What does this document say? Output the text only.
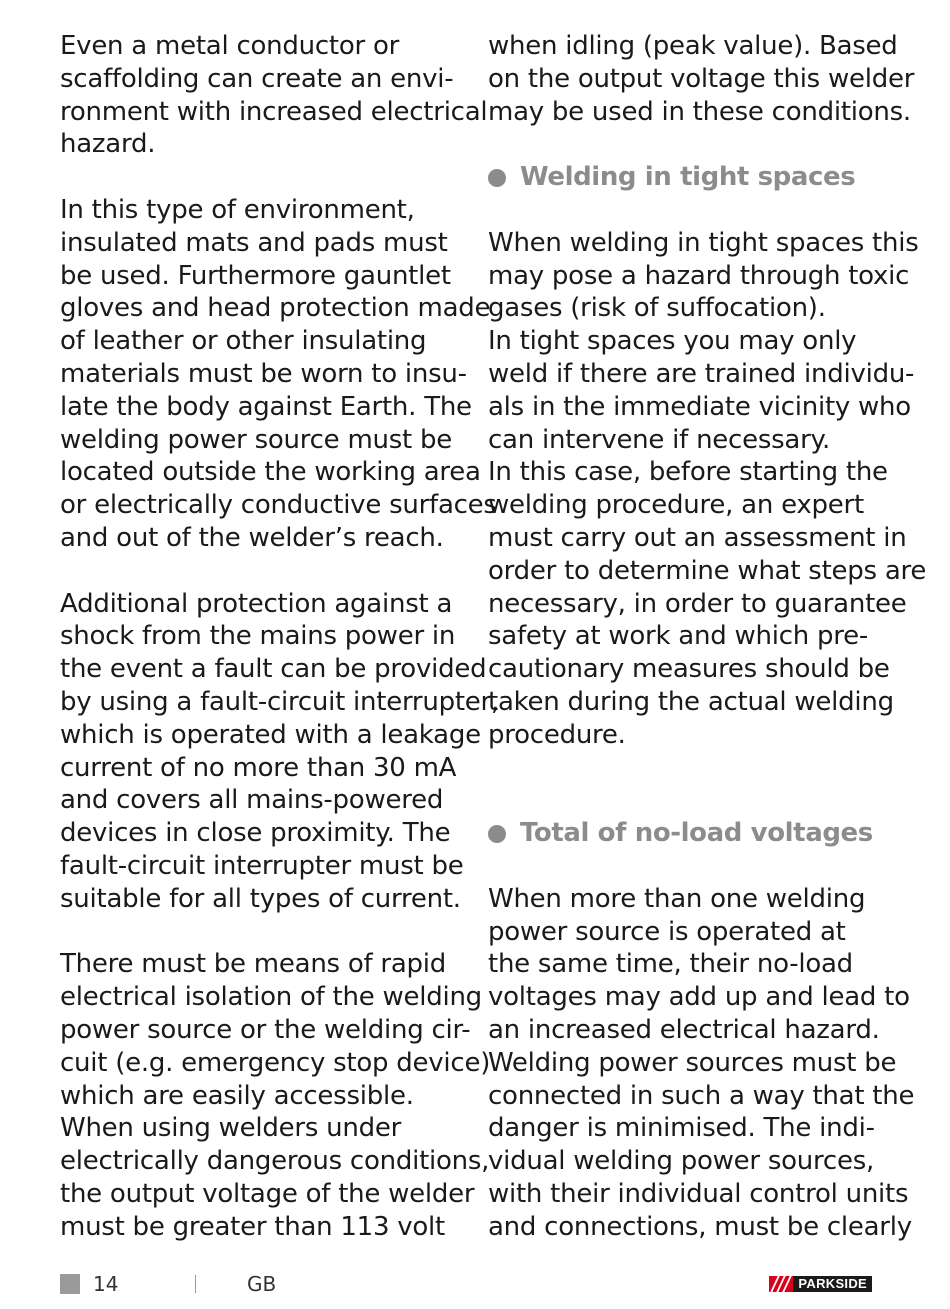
Even a metal conductor or
scaffolding can create an envi-
ronment with increased electrical
hazard.
In this type of environment,
insulated mats and pads must
be used. Furthermore gauntlet
gloves and head protection made
of leather or other insulating
materials must be worn to insu-
late the body against Earth. The
welding power source must be
located outside the working area
or electrically conductive surfaces
and out of the welder’s reach.
Additional protection against a
shock from the mains power in
the event a fault can be provided
by using a fault-circuit interrupter,
which is operated with a leakage
current of no more than 30 mA
and covers all mains-powered
devices in close proximity. The
fault-circuit interrupter must be
suitable for all types of current.
There must be means of rapid
electrical isolation of the welding
power source or the welding cir-
cuit (e.g. emergency stop device)
which are easily accessible.
When using welders under
electrically dangerous conditions,
the output voltage of the welder
must be greater than 113 volt
when idling (peak value). Based
on the output voltage this welder
may be used in these conditions.
Welding in tight spaces
When welding in tight spaces this
may pose a hazard through toxic
gases (risk of suffocation).
In tight spaces you may only
weld if there are trained individu-
als in the immediate vicinity who
can intervene if necessary.
In this case, before starting the
welding procedure, an expert
must carry out an assessment in
order to determine what steps are
necessary, in order to guarantee
safety at work and which pre-
cautionary measures should be
taken during the actual welding
procedure.
Total of no-load voltages
When more than one welding
power source is operated at
the same time, their no-load
voltages may add up and lead to
an increased electrical hazard.
Welding power sources must be
connected in such a way that the
danger is minimised. The indi-
vidual welding power sources,
with their individual control units
and connections, must be clearly
14	GB	PARKSIDE
